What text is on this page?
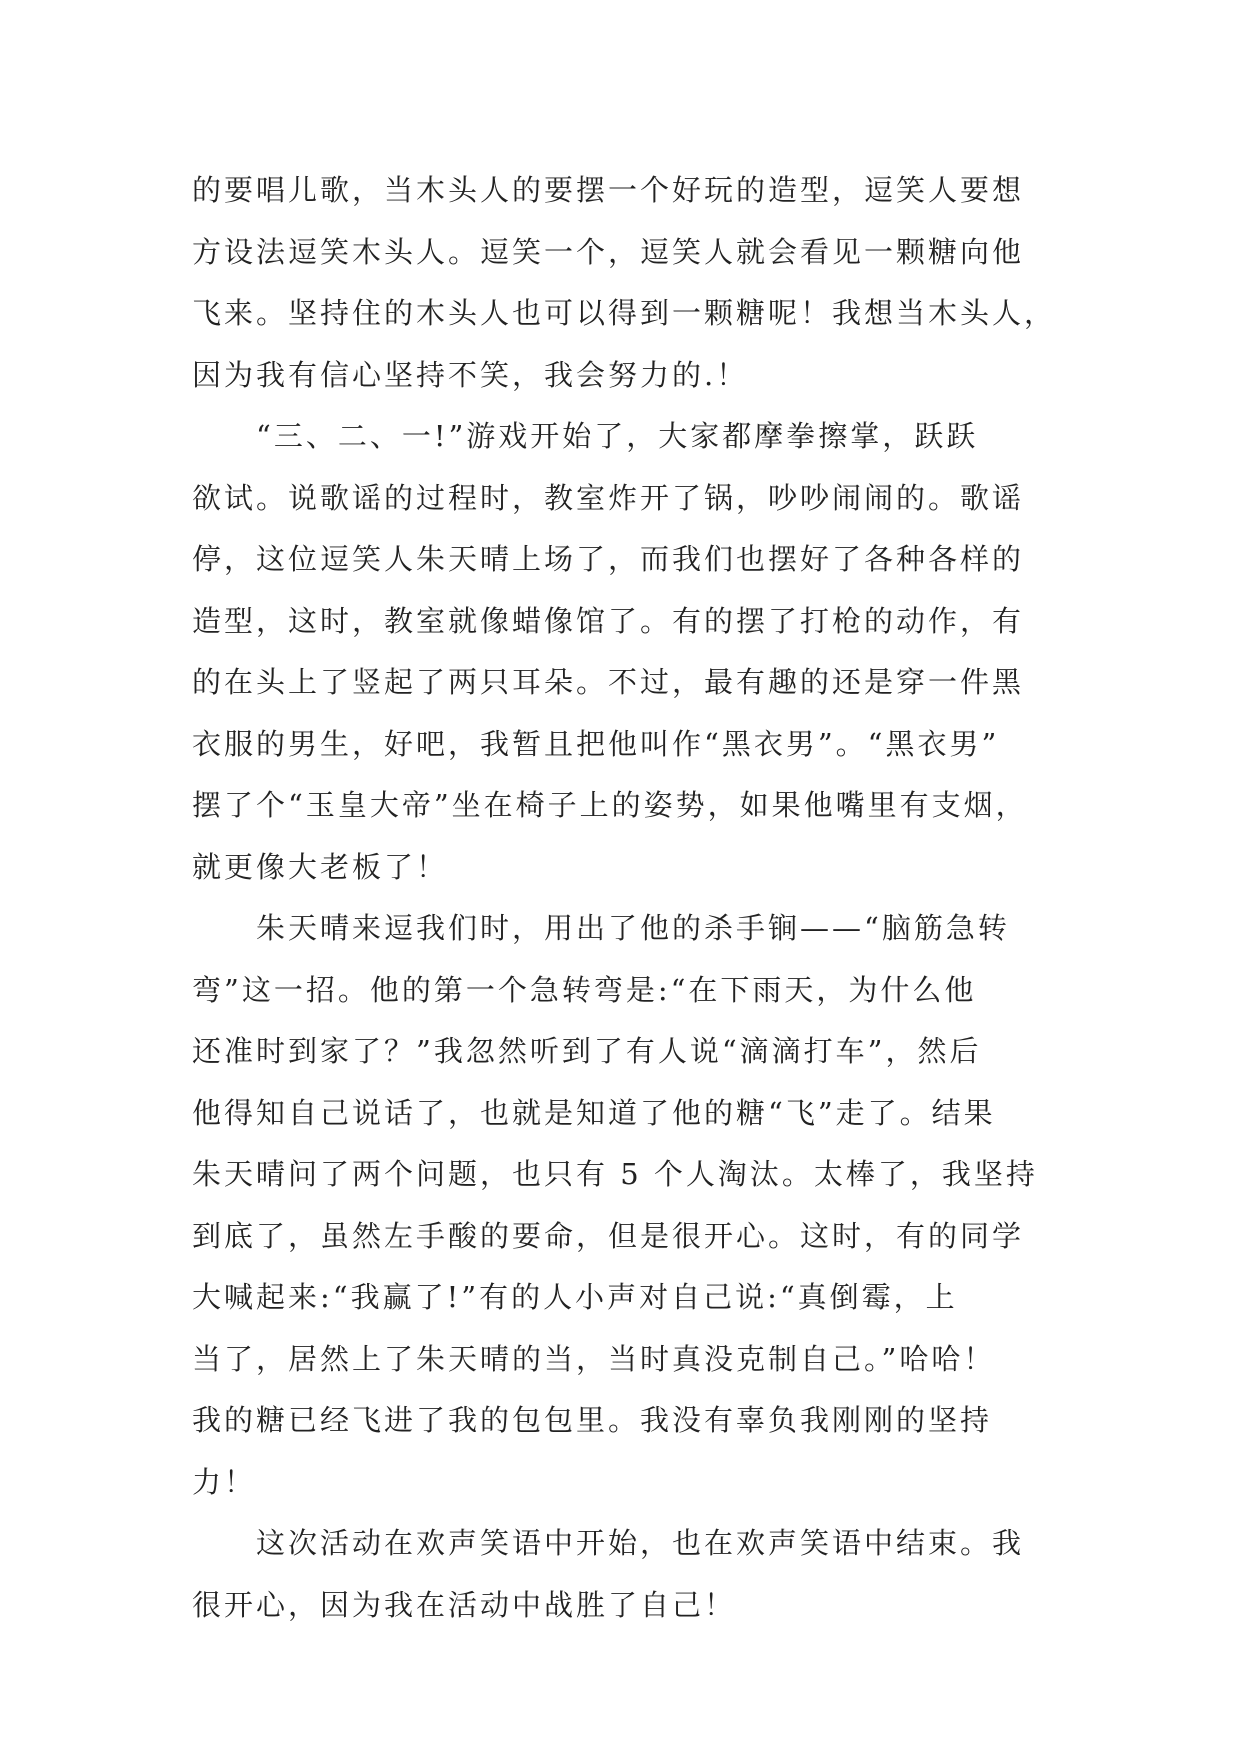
的要唱儿歌，当木头人的要摆一个好玩的造型，逗笑人要想
方设法逗笑木头人。逗笑一个，逗笑人就会看见一颗糖向他
飞来。坚持住的木头人也可以得到一颗糖呢！我想当木头人，
因为我有信心坚持不笑，我会努力的.！
“三、二、一!”游戏开始了，大家都摩拳擦掌，跃跃
欲试。说歌谣的过程时，教室炸开了锅，吵吵闹闹的。歌谣
停，这位逗笑人朱天晴上场了，而我们也摆好了各种各样的
造型，这时，教室就像蜡像馆了。有的摆了打枪的动作，有
的在头上了竖起了两只耳朵。不过，最有趣的还是穿一件黑
衣服的男生，好吧，我暂且把他叫作“黑衣男”。“黑衣男”
摆了个“玉皇大帝”坐在椅子上的姿势，如果他嘴里有支烟，
就更像大老板了！
朱天晴来逗我们时，用出了他的杀手锏——“脑筋急转
弯”这一招。他的第一个急转弯是:“在下雨天，为什么他
还准时到家了？”我忽然听到了有人说“滴滴打车”，然后
他得知自己说话了，也就是知道了他的糖“飞”走了。结果
朱天晴问了两个问题，也只有 5 个人淘汰。太棒了，我坚持
到底了，虽然左手酸的要命，但是很开心。这时，有的同学
大喊起来:“我赢了!”有的人小声对自己说:“真倒霉，上
当了，居然上了朱天晴的当，当时真没克制自己。”哈哈！
我的糖已经飞进了我的包包里。我没有辜负我刚刚的坚持
力！
这次活动在欢声笑语中开始，也在欢声笑语中结束。我
很开心，因为我在活动中战胜了自己！
